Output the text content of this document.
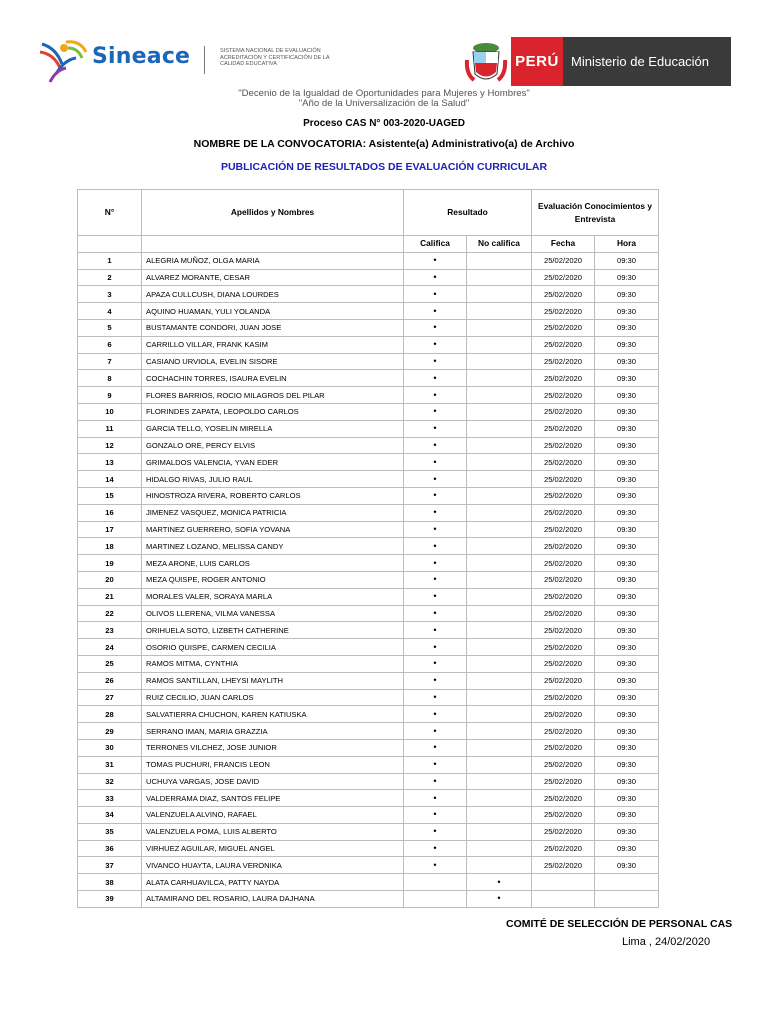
Sineace	SISTEMA NACIONAL DE EVALUACIÓN ACREDITACIÓN Y CERTIFICACIÓN DE LA CALIDAD EDUCATIVA	PERÚ Ministerio de Educación
"Decenio de la Igualdad de Oportunidades para Mujeres y Hombres"
"Año de la Universalización de la Salud"
Proceso CAS N° 003-2020-UAGED
NOMBRE DE LA CONVOCATORIA: Asistente(a) Administrativo(a) de Archivo
PUBLICACIÓN DE RESULTADOS DE EVALUACIÓN CURRICULAR
N°	Apellidos y Nombres	Resultado		Evaluación Conocimientos y Entrevista	
		Califica	No califica	Fecha	Hora
1	ALEGRIA MUÑOZ, OLGA MARIA	•		25/02/2020	09:30
2	ALVAREZ MORANTE, CESAR	•		25/02/2020	09:30
3	APAZA CULLCUSH, DIANA LOURDES	•		25/02/2020	09:30
4	AQUINO HUAMAN, YULI YOLANDA	•		25/02/2020	09:30
5	BUSTAMANTE CONDORI, JUAN JOSE	•		25/02/2020	09:30
6	CARRILLO VILLAR, FRANK KASIM	•		25/02/2020	09:30
7	CASIANO URVIOLA, EVELIN SISORE	•		25/02/2020	09:30
8	COCHACHIN TORRES, ISAURA EVELIN	•		25/02/2020	09:30
9	FLORES BARRIOS, ROCIO MILAGROS DEL PILAR	•		25/02/2020	09:30
10	FLORINDES ZAPATA, LEOPOLDO CARLOS	•		25/02/2020	09:30
11	GARCIA TELLO, YOSELIN MIRELLA	•		25/02/2020	09:30
12	GONZALO ORE, PERCY ELVIS	•		25/02/2020	09:30
13	GRIMALDOS VALENCIA, YVAN EDER	•		25/02/2020	09:30
14	HIDALGO RIVAS, JULIO RAUL	•		25/02/2020	09:30
15	HINOSTROZA RIVERA, ROBERTO CARLOS	•		25/02/2020	09:30
16	JIMENEZ VASQUEZ, MONICA PATRICIA	•		25/02/2020	09:30
17	MARTINEZ GUERRERO, SOFIA YOVANA	•		25/02/2020	09:30
18	MARTINEZ LOZANO, MELISSA CANDY	•		25/02/2020	09:30
19	MEZA ARONE, LUIS CARLOS	•		25/02/2020	09:30
20	MEZA QUISPE, ROGER ANTONIO	•		25/02/2020	09:30
21	MORALES VALER, SORAYA MARLA	•		25/02/2020	09:30
22	OLIVOS LLERENA, VILMA VANESSA	•		25/02/2020	09:30
23	ORIHUELA SOTO, LIZBETH CATHERINE	•		25/02/2020	09:30
24	OSORIO QUISPE, CARMEN CECILIA	•		25/02/2020	09:30
25	RAMOS MITMA, CYNTHIA	•		25/02/2020	09:30
26	RAMOS SANTILLAN, LHEYSI MAYLITH	•		25/02/2020	09:30
27	RUIZ CECILIO, JUAN CARLOS	•		25/02/2020	09:30
28	SALVATIERRA CHUCHON, KAREN KATIUSKA	•		25/02/2020	09:30
29	SERRANO IMAN, MARIA GRAZZIA	•		25/02/2020	09:30
30	TERRONES VILCHEZ, JOSE JUNIOR	•		25/02/2020	09:30
31	TOMAS PUCHURI, FRANCIS LEON	•		25/02/2020	09:30
32	UCHUYA VARGAS, JOSE DAVID	•		25/02/2020	09:30
33	VALDERRAMA DIAZ, SANTOS FELIPE	•		25/02/2020	09:30
34	VALENZUELA ALVINO, RAFAEL	•		25/02/2020	09:30
35	VALENZUELA POMA, LUIS ALBERTO	•		25/02/2020	09:30
36	VIRHUEZ AGUILAR, MIGUEL ANGEL	•		25/02/2020	09:30
37	VIVANCO HUAYTA, LAURA VERONIKA	•		25/02/2020	09:30
38	ALATA CARHUAVILCA, PATTY NAYDA		•		
39	ALTAMIRANO DEL ROSARIO, LAURA DAJHANA		•		
COMITÉ DE SELECCIÓN DE PERSONAL CAS
Lima , 24/02/2020
